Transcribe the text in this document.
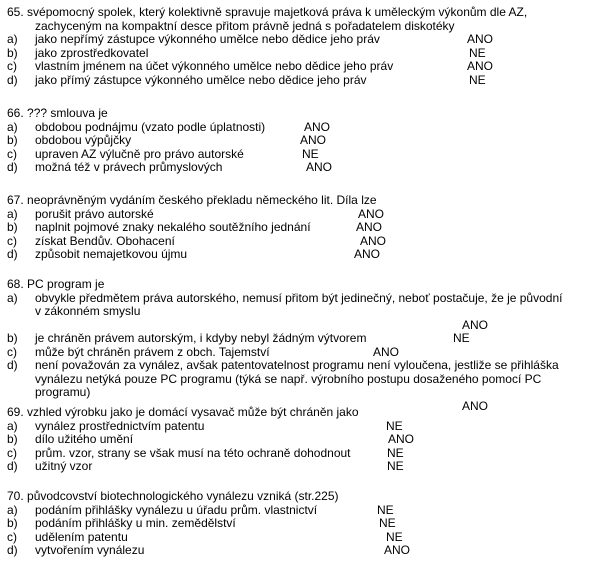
65. svépomocný spolek, který kolektivně spravuje majetková práva k uměleckým výkonům dle AZ,
zachyceným na kompaktní desce přitom právně jedná s pořadatelem diskotéky
a) jako nepřímý zástupce výkonného umělce nebo dědice jeho práv	ANO
b) jako zprostředkovatel	NE
c) vlastním jménem na účet výkonného umělce nebo dědice jeho práv	ANO
d) jako přímý zástupce výkonného umělce nebo dědice jeho práv	NE
66. ??? smlouva je
a) obdobou podnájmu (vzato podle úplatnosti)	ANO
b) obdobou výpůjčky	ANO
c) upraven AZ výlučně pro právo autorské	NE
d) možná též v právech průmyslových	ANO
67. neoprávněným vydáním českého překladu německého lit. Díla lze
a) porušit právo autorské	ANO
b) naplnit pojmové znaky nekalého soutěžního jednání	ANO
c) získat Bendův. Obohacení	ANO
d) způsobit nemajetkovou újmu	ANO
68. PC program je
a) obvykle předmětem práva autorského, nemusí přitom být jedinečný, neboť postačuje, že je původní
v zákonném smyslu
ANO
b) je chráněn právem autorským, i kdyby nebyl žádným výtvorem	NE
c) může být chráněn právem z obch. Tajemství	ANO
d) není považován za vynález, avšak patentovatelnost programu není vyloučena, jestliže se přihláška
vynálezu netýká pouze PC programu (týká se např. výrobního postupu dosaženého pomocí PC
programu)
ANO
69. vzhled výrobku jako je domácí vysavač může být chráněn jako
a) vynález prostřednictvím patentu	NE
b) dílo užitého umění	ANO
c) prům. vzor, strany se však musí na této ochraně dohodnout	NE
d) užitný vzor	NE
70. původcovství biotechnologického vynálezu vzniká (str.225)
a) podáním přihlášky vynálezu u úřadu prům. vlastnictví	NE
b) podáním přihlášky u min. zemědělství	NE
c) udělením patentu	NE
d) vytvořením vynálezu	ANO
